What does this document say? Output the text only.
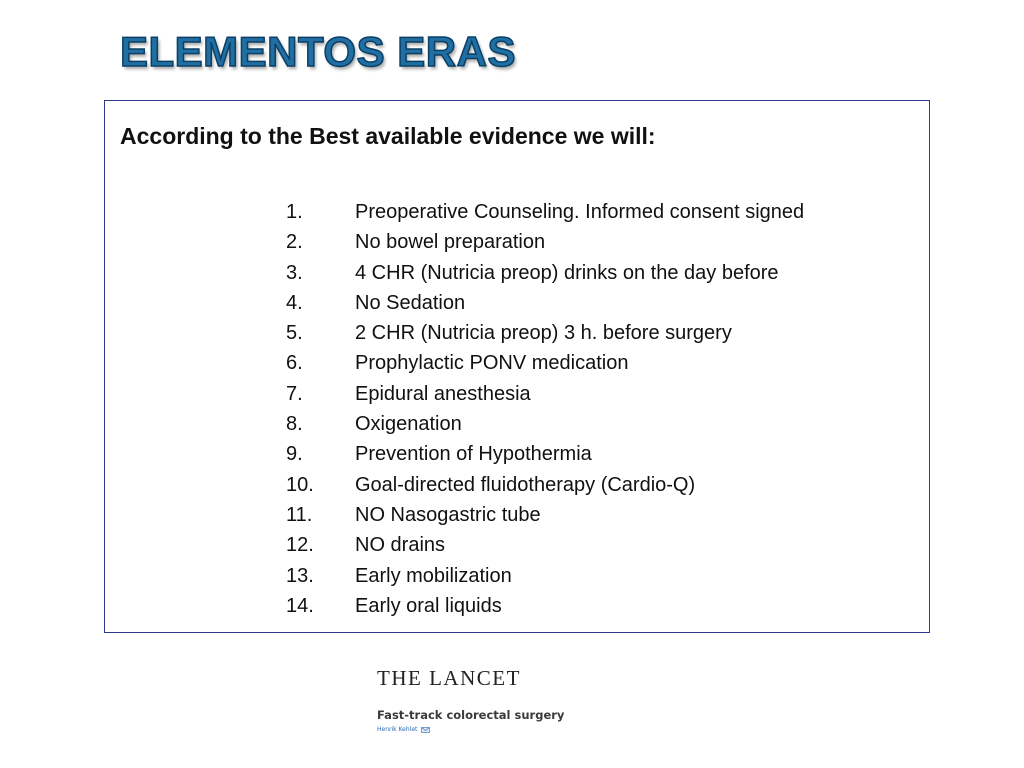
ELEMENTOS ERAS

According to the Best available evidence we will:

1.	Preoperative Counseling. Informed consent signed
2.	No bowel preparation
3.	4 CHR (Nutricia preop) drinks on the day before
4.	No Sedation
5.	2 CHR (Nutricia preop) 3 h. before surgery
6.	Prophylactic PONV medication
7.	Epidural anesthesia
8.	Oxigenation
9.	Prevention of Hypothermia
10.	Goal-directed fluidotherapy (Cardio-Q)
11.	NO Nasogastric tube
12.	NO drains
13.	Early mobilization
14.	Early oral liquids

THE LANCET

Fast-track colorectal surgery

Henrik Kehlet
